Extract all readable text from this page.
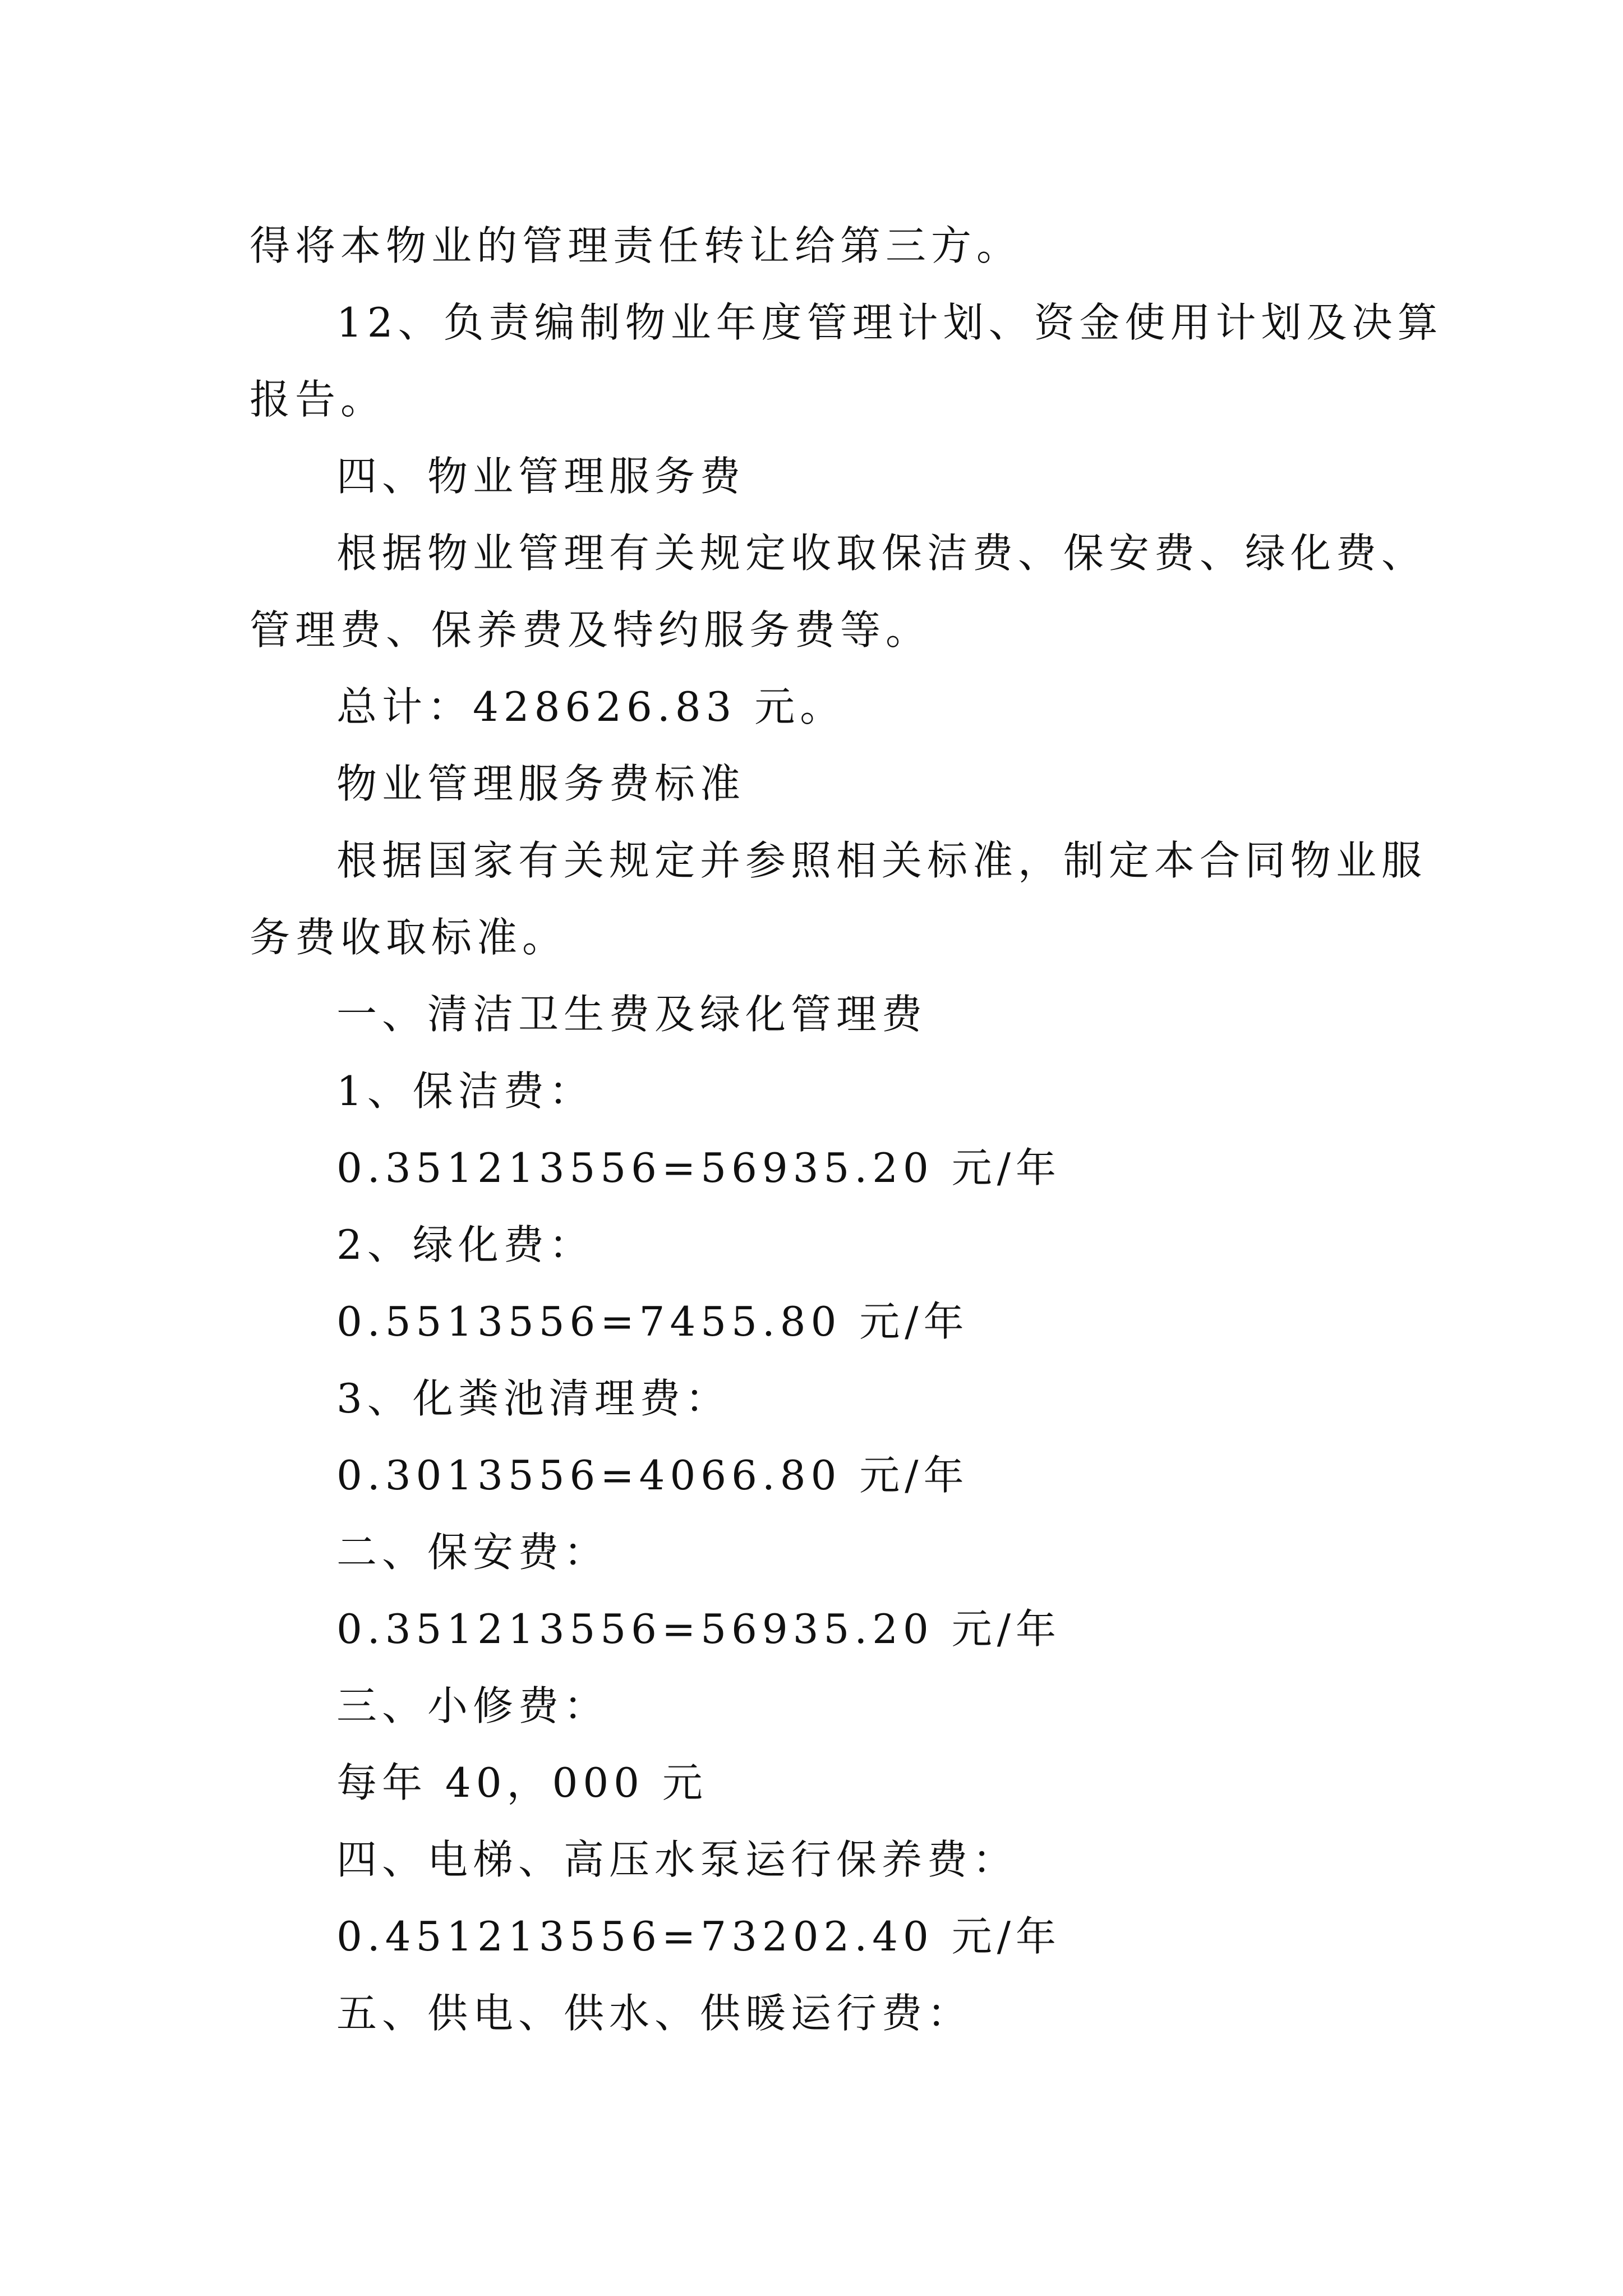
得将本物业的管理责任转让给第三方。
12、负责编制物业年度管理计划、资金使用计划及决算
报告。
四、物业管理服务费
根据物业管理有关规定收取保洁费、保安费、绿化费、
管理费、保养费及特约服务费等。
总计：428626.83 元。
物业管理服务费标准
根据国家有关规定并参照相关标准，制定本合同物业服
务费收取标准。
一、清洁卫生费及绿化管理费
1、保洁费：
0.351213556=56935.20 元/年
2、绿化费：
0.5513556=7455.80 元/年
3、化粪池清理费：
0.3013556=4066.80 元/年
二、保安费：
0.351213556=56935.20 元/年
三、小修费：
每年 40，000 元
四、电梯、高压水泵运行保养费：
0.451213556=73202.40 元/年
五、供电、供水、供暖运行费：
